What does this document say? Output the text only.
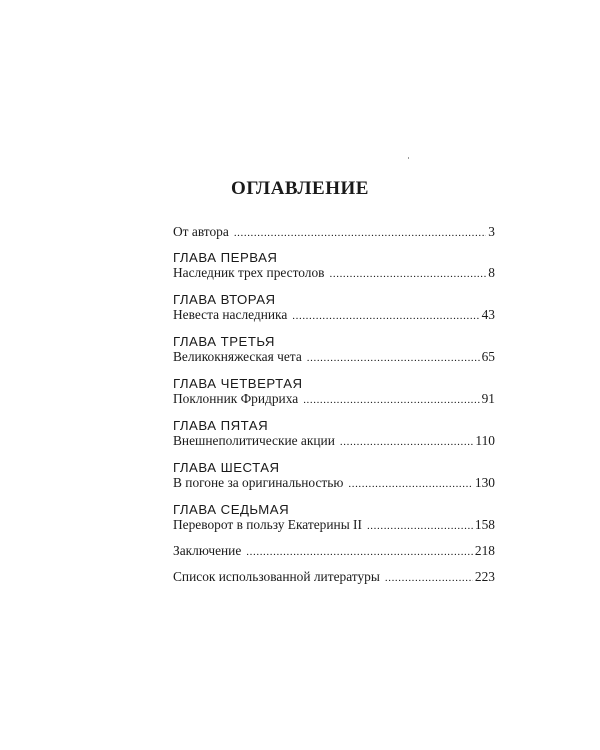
ОГЛАВЛЕНИЕ
От автора .....	3
ГЛАВА ПЕРВАЯ
Наследник трех престолов .....	8
ГЛАВА ВТОРАЯ
Невеста наследника .....	43
ГЛАВА ТРЕТЬЯ
Великокняжеская чета .....	65
ГЛАВА ЧЕТВЕРТАЯ
Поклонник Фридриха .....	91
ГЛАВА ПЯТАЯ
Внешнеполитические акции .....	110
ГЛАВА ШЕСТАЯ
В погоне за оригинальностью .....	130
ГЛАВА СЕДЬМАЯ
Переворот в пользу Екатерины II .....	158
Заключение .....	218
Список использованной литературы .....	223
